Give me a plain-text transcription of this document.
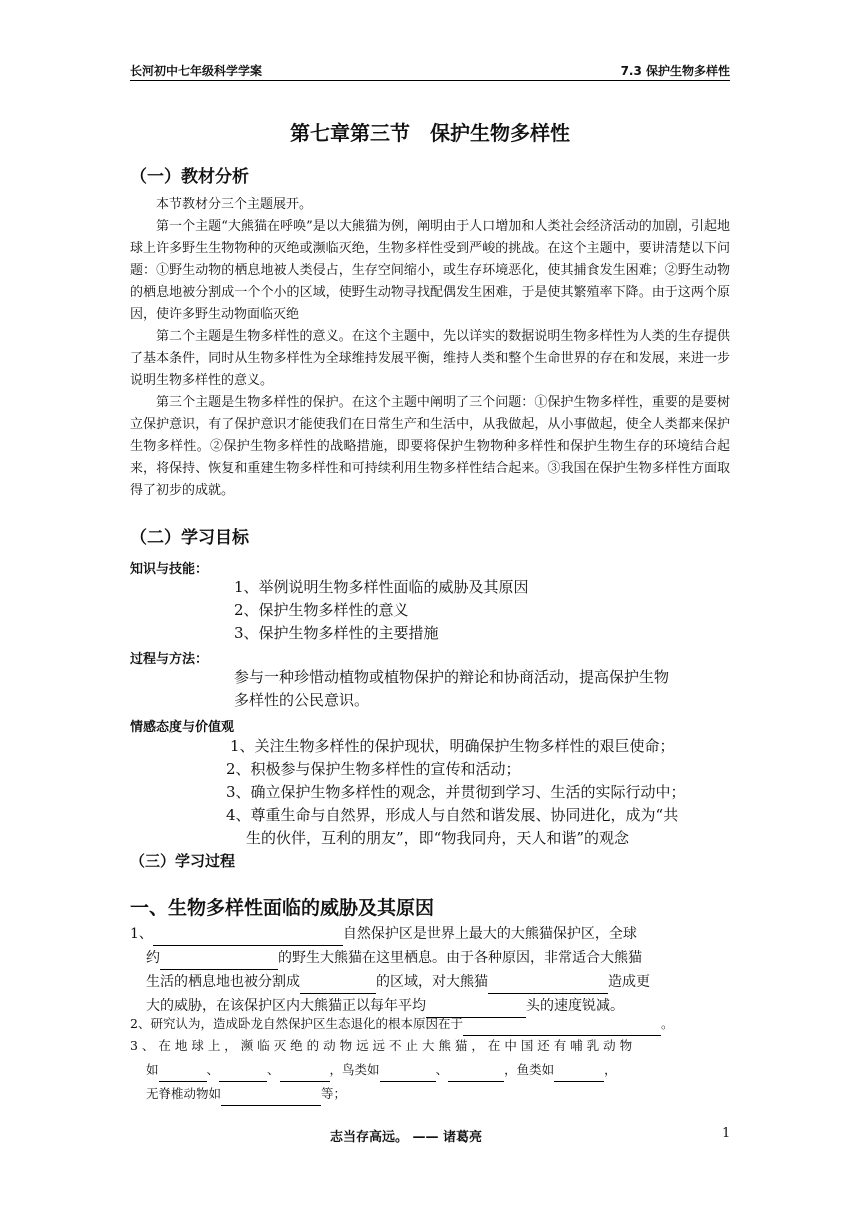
长河初中七年级科学学案	7.3 保护生物多样性
第七章第三节　保护生物多样性
（一）教材分析

本节教材分三个主题展开。

第一个主题“大熊猫在呼唤”是以大熊猫为例，阐明由于人口增加和人类社会经济活动的加剧，引起地球上许多野生生物物种的灭绝或濒临灭绝，生物多样性受到严峻的挑战。在这个主题中，要讲清楚以下问题：①野生动物的栖息地被人类侵占，生存空间缩小，或生存环境恶化，使其捕食发生困难；②野生动物的栖息地被分割成一个个小的区域，使野生动物寻找配偶发生困难，于是使其繁殖率下降。由于这两个原因，使许多野生动物面临灭绝

第二个主题是生物多样性的意义。在这个主题中，先以详实的数据说明生物多样性为人类的生存提供了基本条件，同时从生物多样性为全球维持发展平衡，维持人类和整个生命世界的存在和发展，来进一步说明生物多样性的意义。

第三个主题是生物多样性的保护。在这个主题中阐明了三个问题：①保护生物多样性，重要的是要树立保护意识，有了保护意识才能使我们在日常生产和生活中，从我做起，从小事做起，使全人类都来保护生物多样性。②保护生物多样性的战略措施，即要将保护生物物种多样性和保护生物生存的环境结合起来，将保持、恢复和重建生物多样性和可持续利用生物多样性结合起来。③我国在保护生物多样性方面取得了初步的成就。

（二）学习目标
知识与技能：
1、举例说明生物多样性面临的威胁及其原因
2、保护生物多样性的意义
3、保护生物多样性的主要措施
过程与方法：
参与一种珍惜动植物或植物保护的辩论和协商活动，提高保护生物
多样性的公民意识。
情感态度与价值观
1、关注生物多样性的保护现状，明确保护生物多样性的艰巨使命；
2、积极参与保护生物多样性的宣传和活动；
3、确立保护生物多样性的观念，并贯彻到学习、生活的实际行动中；
4、尊重生命与自然界，形成人与自然和谐发展、协同进化，成为“共
生的伙伴，互利的朋友”，即“物我同舟，天人和谐”的观念
（三）学习过程
一、生物多样性面临的威胁及其原因
1、	自然保护区是世界上最大的大熊猫保护区，全球
约	的野生大熊猫在这里栖息。由于各种原因，非常适合大熊猫
生活的栖息地也被分割成	的区域，对大熊猫	造成更
大的威胁，在该保护区内大熊猫正以每年平均	头的速度锐减。
2、研究认为，造成卧龙自然保护区生态退化的根本原因在于	。
3 、 在 地 球 上 ， 濒 临 灭 绝 的 动 物 远 远 不 止 大 熊 猫 ， 在 中 国 还 有 哺 乳 动 物
如	、	、	，鸟类如	、	，鱼类如	，
无脊椎动物如	等；
志当存高远。 —— 诸葛亮	1
